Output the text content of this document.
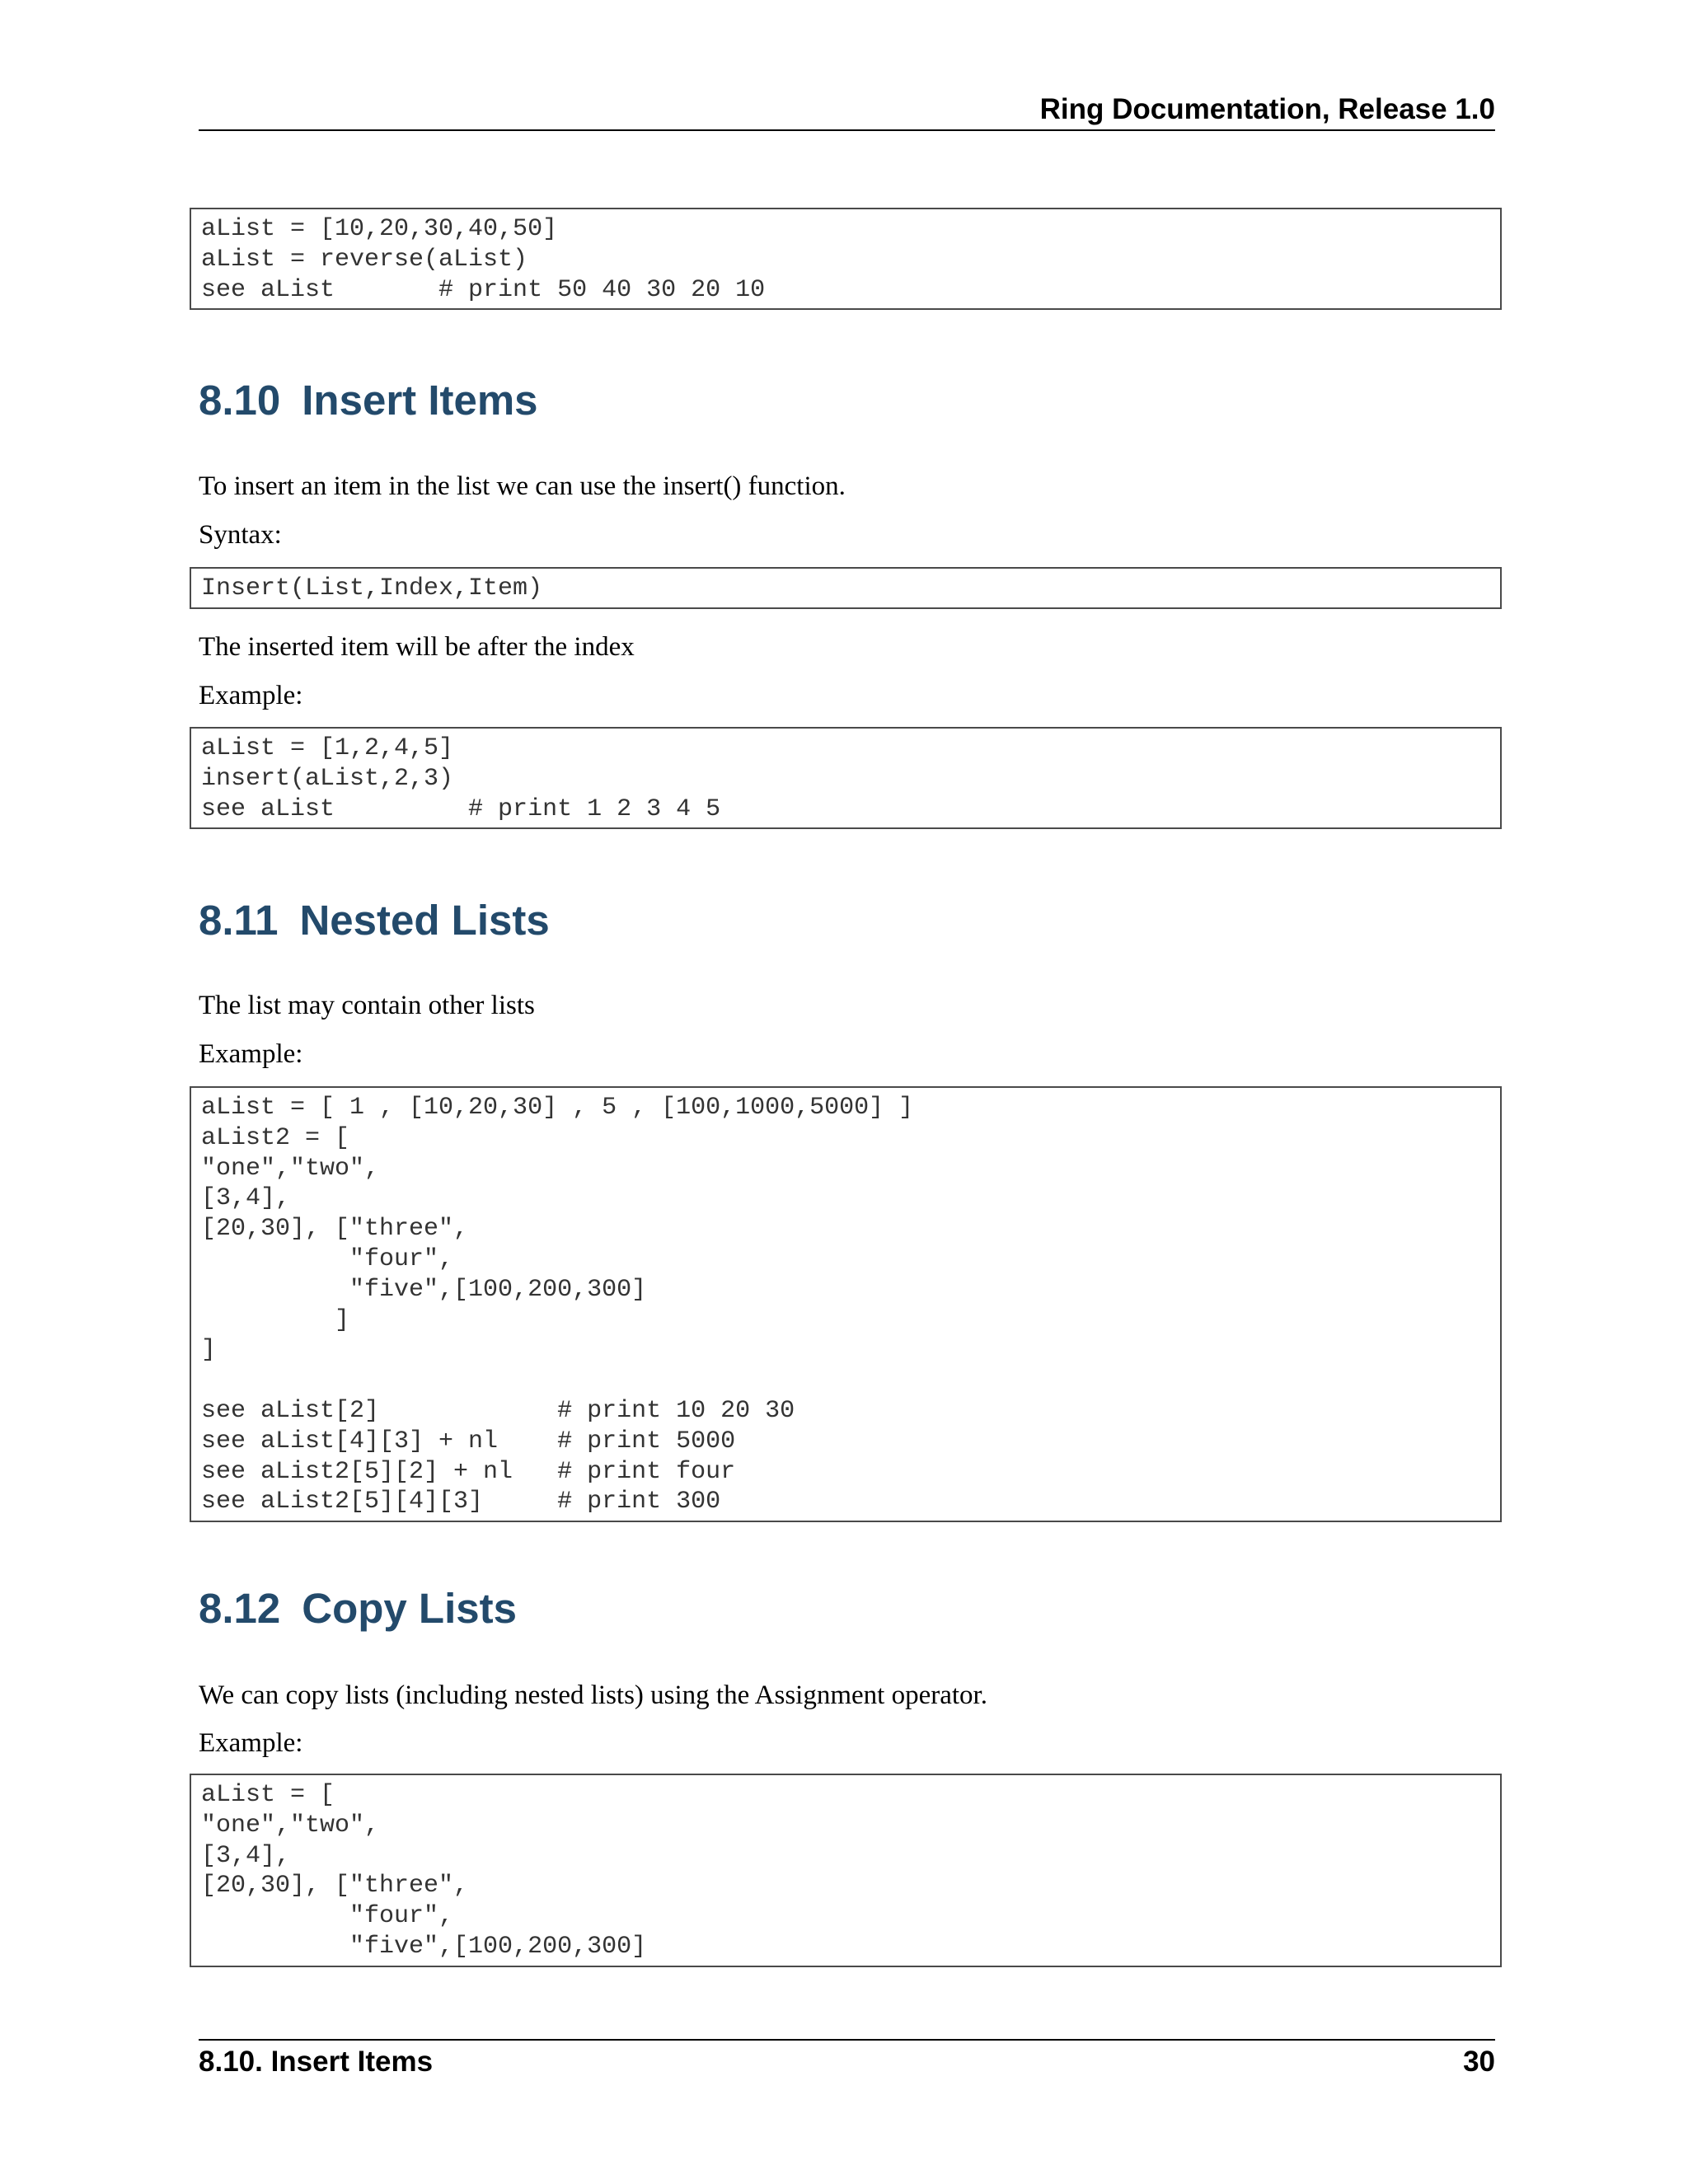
Ring Documentation, Release 1.0
aList = [10,20,30,40,50]
aList = reverse(aList)
see aList       # print 50 40 30 20 10
8.10 Insert Items
To insert an item in the list we can use the insert() function.
Syntax:
Insert(List,Index,Item)
The inserted item will be after the index
Example:
aList = [1,2,4,5]
insert(aList,2,3)
see aList         # print 1 2 3 4 5
8.11 Nested Lists
The list may contain other lists
Example:
aList = [ 1 , [10,20,30] , 5 , [100,1000,5000] ]
aList2 = [
"one","two",
[3,4],
[20,30], ["three",
"four",
"five",[100,200,300]
]
]

see aList[2]            # print 10 20 30
see aList[4][3] + nl    # print 5000
see aList2[5][2] + nl   # print four
see aList2[5][4][3]     # print 300
8.12 Copy Lists
We can copy lists (including nested lists) using the Assignment operator.
Example:
aList = [
"one","two",
[3,4],
[20,30], ["three",
"four",
"five",[100,200,300]
8.10. Insert Items	30
